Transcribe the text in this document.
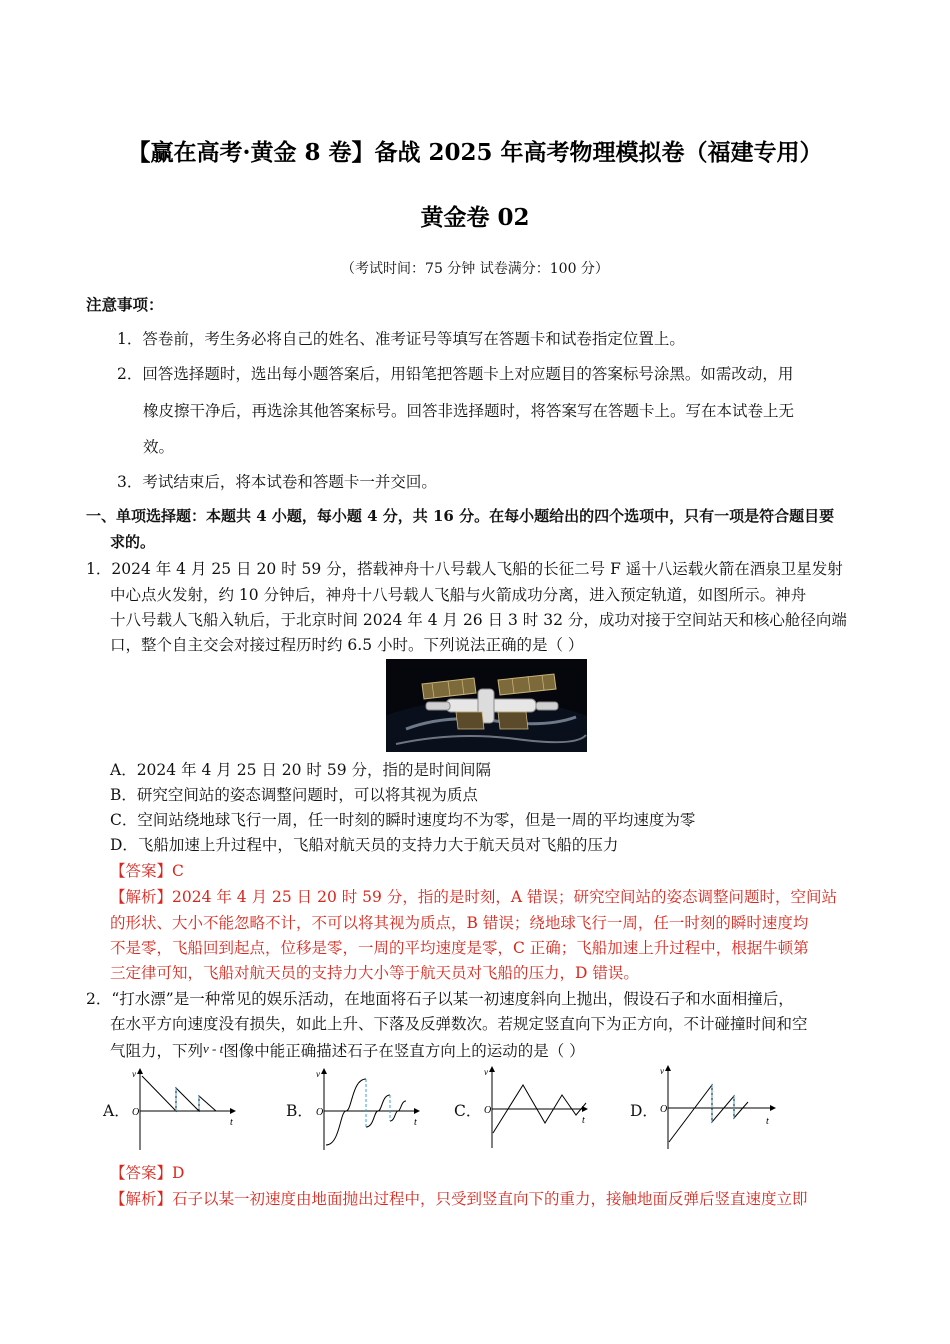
【赢在高考·黄金 8 卷】备战 2025 年高考物理模拟卷（福建专用）
黄金卷 02
（考试时间：75 分钟 试卷满分：100 分）
注意事项：
1．答卷前，考生务必将自己的姓名、准考证号等填写在答题卡和试卷指定位置上。
2．回答选择题时，选出每小题答案后，用铅笔把答题卡上对应题目的答案标号涂黑。如需改动，用
橡皮擦干净后，再选涂其他答案标号。回答非选择题时，将答案写在答题卡上。写在本试卷上无
效。
3．考试结束后，将本试卷和答题卡一并交回。
一、单项选择题：本题共 4 小题，每小题 4 分，共 16 分。在每小题给出的四个选项中，只有一项是符合题目要
求的。
1．2024 年 4 月 25 日 20 时 59 分，搭载神舟十八号载人飞船的长征二号 F 遥十八运载火箭在酒泉卫星发射
中心点火发射，约 10 分钟后，神舟十八号载人飞船与火箭成功分离，进入预定轨道，如图所示。神舟
十八号载人飞船入轨后，于北京时间 2024 年 4 月 26 日 3 时 32 分，成功对接于空间站天和核心舱径向端
口，整个自主交会对接过程历时约 6.5 小时。下列说法正确的是（ ）
A．2024 年 4 月 25 日 20 时 59 分，指的是时间间隔
B．研究空间站的姿态调整问题时，可以将其视为质点
C．空间站绕地球飞行一周，任一时刻的瞬时速度均不为零，但是一周的平均速度为零
D．飞船加速上升过程中，飞船对航天员的支持力大于航天员对飞船的压力
【答案】C
【解析】2024 年 4 月 25 日 20 时 59 分，指的是时刻，A 错误；研究空间站的姿态调整问题时，空间站
的形状、大小不能忽略不计，不可以将其视为质点，B 错误；绕地球飞行一周，任一时刻的瞬时速度均
不是零，飞船回到起点，位移是零，一周的平均速度是零，C 正确；飞船加速上升过程中，根据牛顿第
三定律可知，飞船对航天员的支持力大小等于航天员对飞船的压力，D 错误。
2．“打水漂”是一种常见的娱乐活动，在地面将石子以某一初速度斜向上抛出，假设石子和水面相撞后，
在水平方向速度没有损失，如此上升、下落及反弹数次。若规定竖直向下为正方向，不计碰撞时间和空
气阻力，下列v - t图像中能正确描述石子在竖直方向上的运动的是（ ）
A．
v
O
t
B．
v
O
t
C．
v
O
t
D．
v
O
t
【答案】D
【解析】石子以某一初速度由地面抛出过程中，只受到竖直向下的重力，接触地面反弹后竖直速度立即
